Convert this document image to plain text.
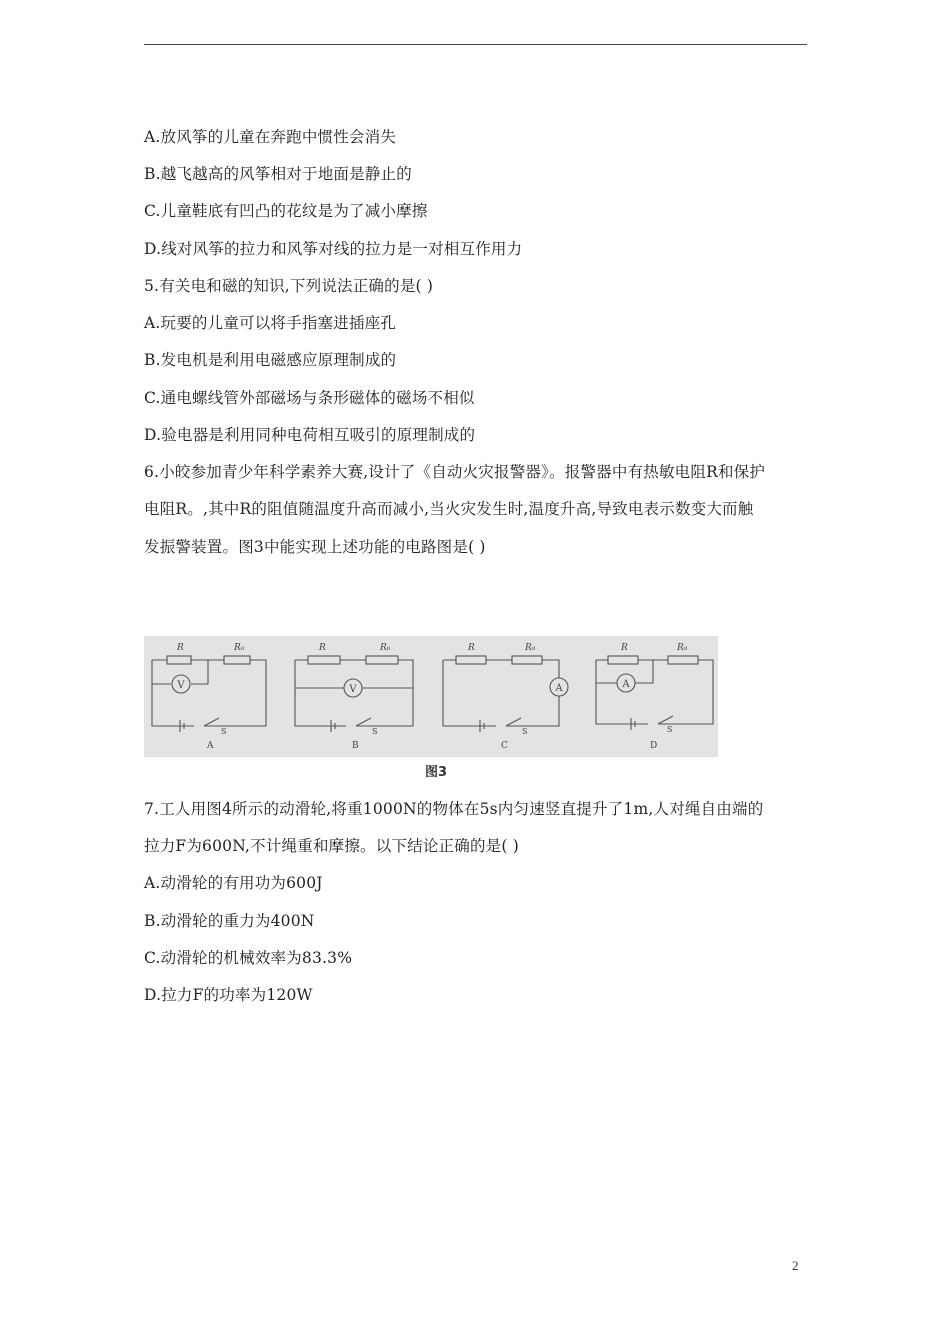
A.放风筝的儿童在奔跑中惯性会消失
B.越飞越高的风筝相对于地面是静止的
C.儿童鞋底有凹凸的花纹是为了减小摩擦
D.线对风筝的拉力和风筝对线的拉力是一对相互作用力
5.有关电和磁的知识,下列说法正确的是( )
A.玩要的儿童可以将手指塞进插座孔
B.发电机是利用电磁感应原理制成的
C.通电螺线管外部磁场与条形磁体的磁场不相似
D.验电器是利用同种电荷相互吸引的原理制成的
6.小皎参加青少年科学素养大赛,设计了《自动火灾报警器》。报警器中有热敏电阻R和保护
电阻R。,其中R的阻值随温度升高而减小,当火灾发生时,温度升高,导致电表示数变大而触
发振警装置。图3中能实现上述功能的电路图是( )
R	R₀
V
S
A
R	R₀
V
S
B
R	R₀
A
S
C
R	R₀
A
S
D
图3
7.工人用图4所示的动滑轮,将重1000N的物体在5s内匀速竖直提升了1m,人对绳自由端的
拉力F为600N,不计绳重和摩擦。以下结论正确的是( )
A.动滑轮的有用功为600J
B.动滑轮的重力为400N
C.动滑轮的机械效率为83.3%
D.拉力F的功率为120W
2
